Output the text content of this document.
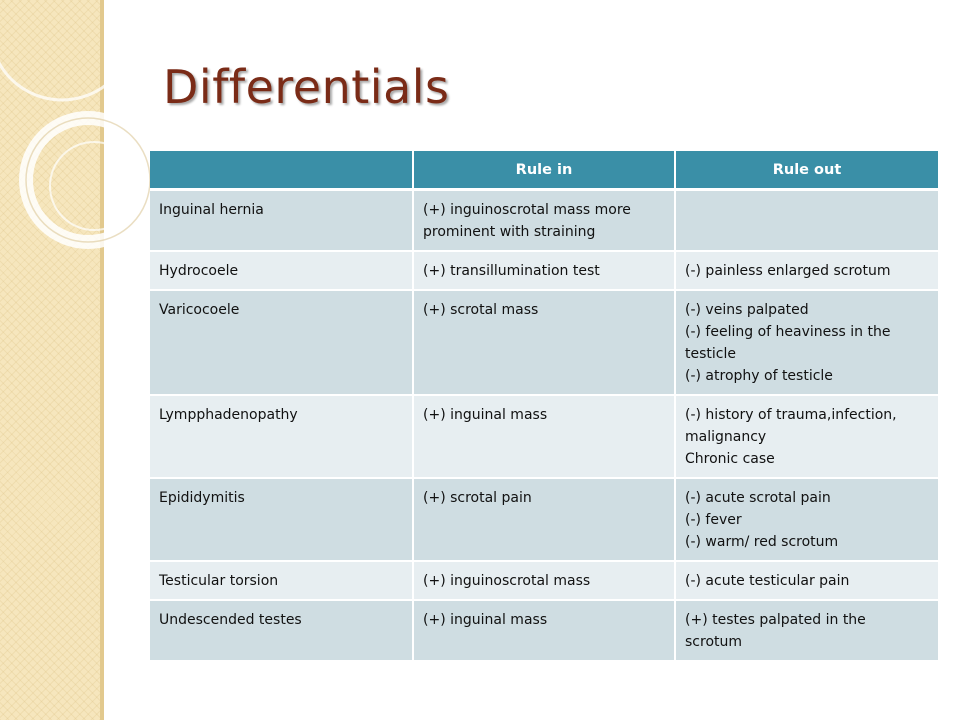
Differentials
	Rule in	Rule out
Inguinal hernia	(+) inguinoscrotal mass more
prominent with straining	

Hydrocoele	(+) transillumination test	(-) painless enlarged scrotum

Varicocoele	(+) scrotal mass	(-) veins palpated
(-) feeling of heaviness in the
testicle
(-) atrophy of testicle

Lympphadenopathy	(+) inguinal mass	(-) history of trauma,infection,
malignancy
Chronic case

Epididymitis	(+) scrotal pain	(-) acute scrotal pain
(-) fever
(-) warm/ red scrotum

Testicular torsion	(+) inguinoscrotal mass	(-) acute testicular pain

Undescended testes	(+) inguinal mass	(+) testes palpated in the
scrotum
